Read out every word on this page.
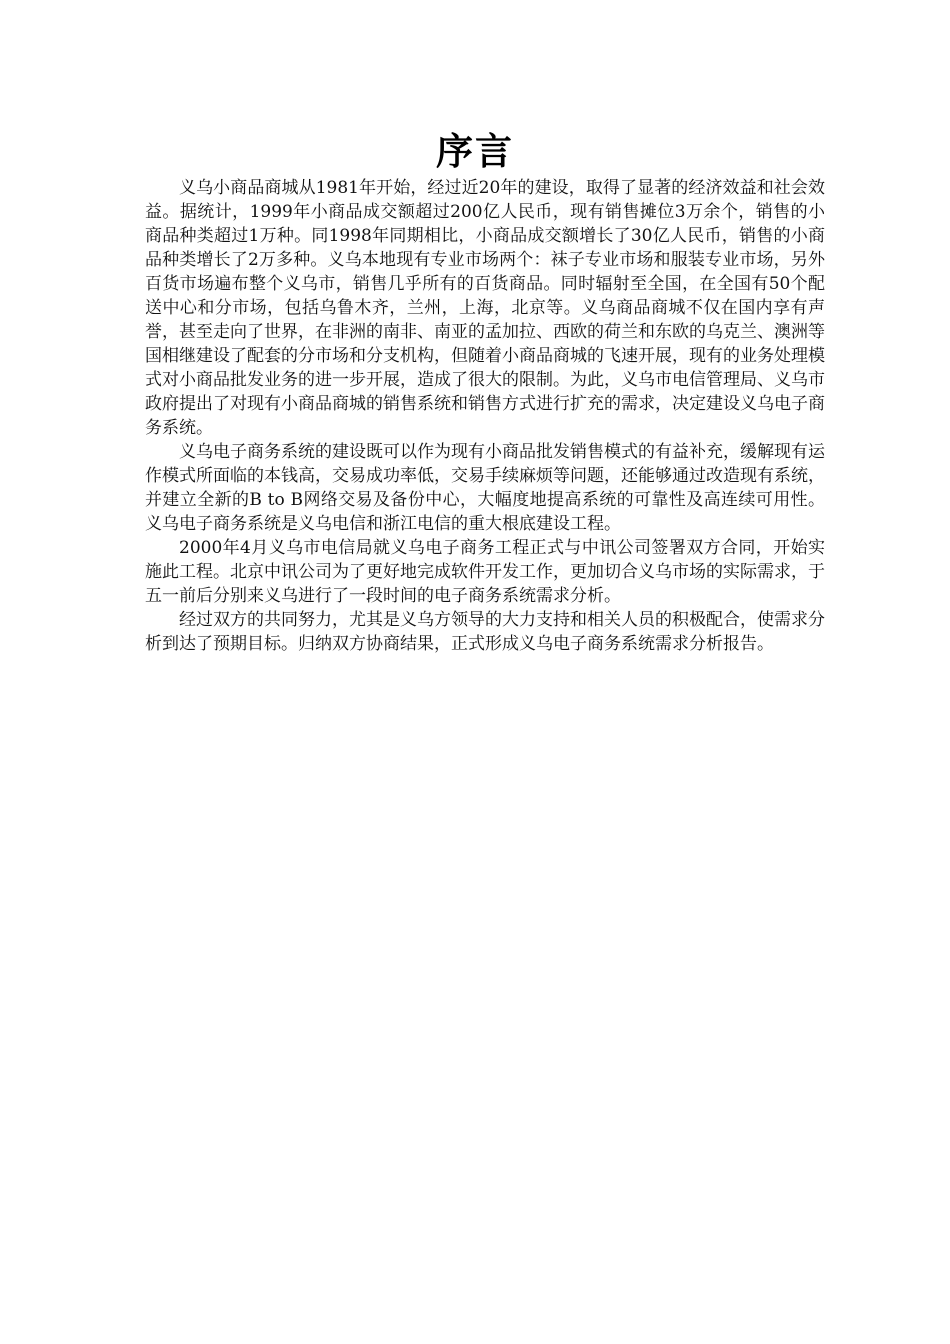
序言

义乌小商品商城从1981年开始，经过近20年的建设，取得了显著的经济效益和社会效益。据统计，1999年小商品成交额超过200亿人民币，现有销售摊位3万余个，销售的小商品种类超过1万种。同1998年同期相比，小商品成交额增长了30亿人民币，销售的小商品种类增长了2万多种。义乌本地现有专业市场两个：袜子专业市场和服装专业市场，另外百货市场遍布整个义乌市，销售几乎所有的百货商品。同时辐射至全国，在全国有50个配送中心和分市场，包括乌鲁木齐，兰州，上海，北京等。义乌商品商城不仅在国内享有声誉，甚至走向了世界，在非洲的南非、南亚的孟加拉、西欧的荷兰和东欧的乌克兰、澳洲等国相继建设了配套的分市场和分支机构，但随着小商品商城的飞速开展，现有的业务处理模式对小商品批发业务的进一步开展，造成了很大的限制。为此，义乌市电信管理局、义乌市政府提出了对现有小商品商城的销售系统和销售方式进行扩充的需求，决定建设义乌电子商务系统。

义乌电子商务系统的建设既可以作为现有小商品批发销售模式的有益补充，缓解现有运作模式所面临的本钱高，交易成功率低，交易手续麻烦等问题，还能够通过改造现有系统，并建立全新的B to B网络交易及备份中心，大幅度地提高系统的可靠性及高连续可用性。义乌电子商务系统是义乌电信和浙江电信的重大根底建设工程。

2000年4月义乌市电信局就义乌电子商务工程正式与中讯公司签署双方合同，开始实施此工程。北京中讯公司为了更好地完成软件开发工作，更加切合义乌市场的实际需求，于五一前后分别来义乌进行了一段时间的电子商务系统需求分析。

经过双方的共同努力，尤其是义乌方领导的大力支持和相关人员的积极配合，使需求分析到达了预期目标。归纳双方协商结果，正式形成义乌电子商务系统需求分析报告。
